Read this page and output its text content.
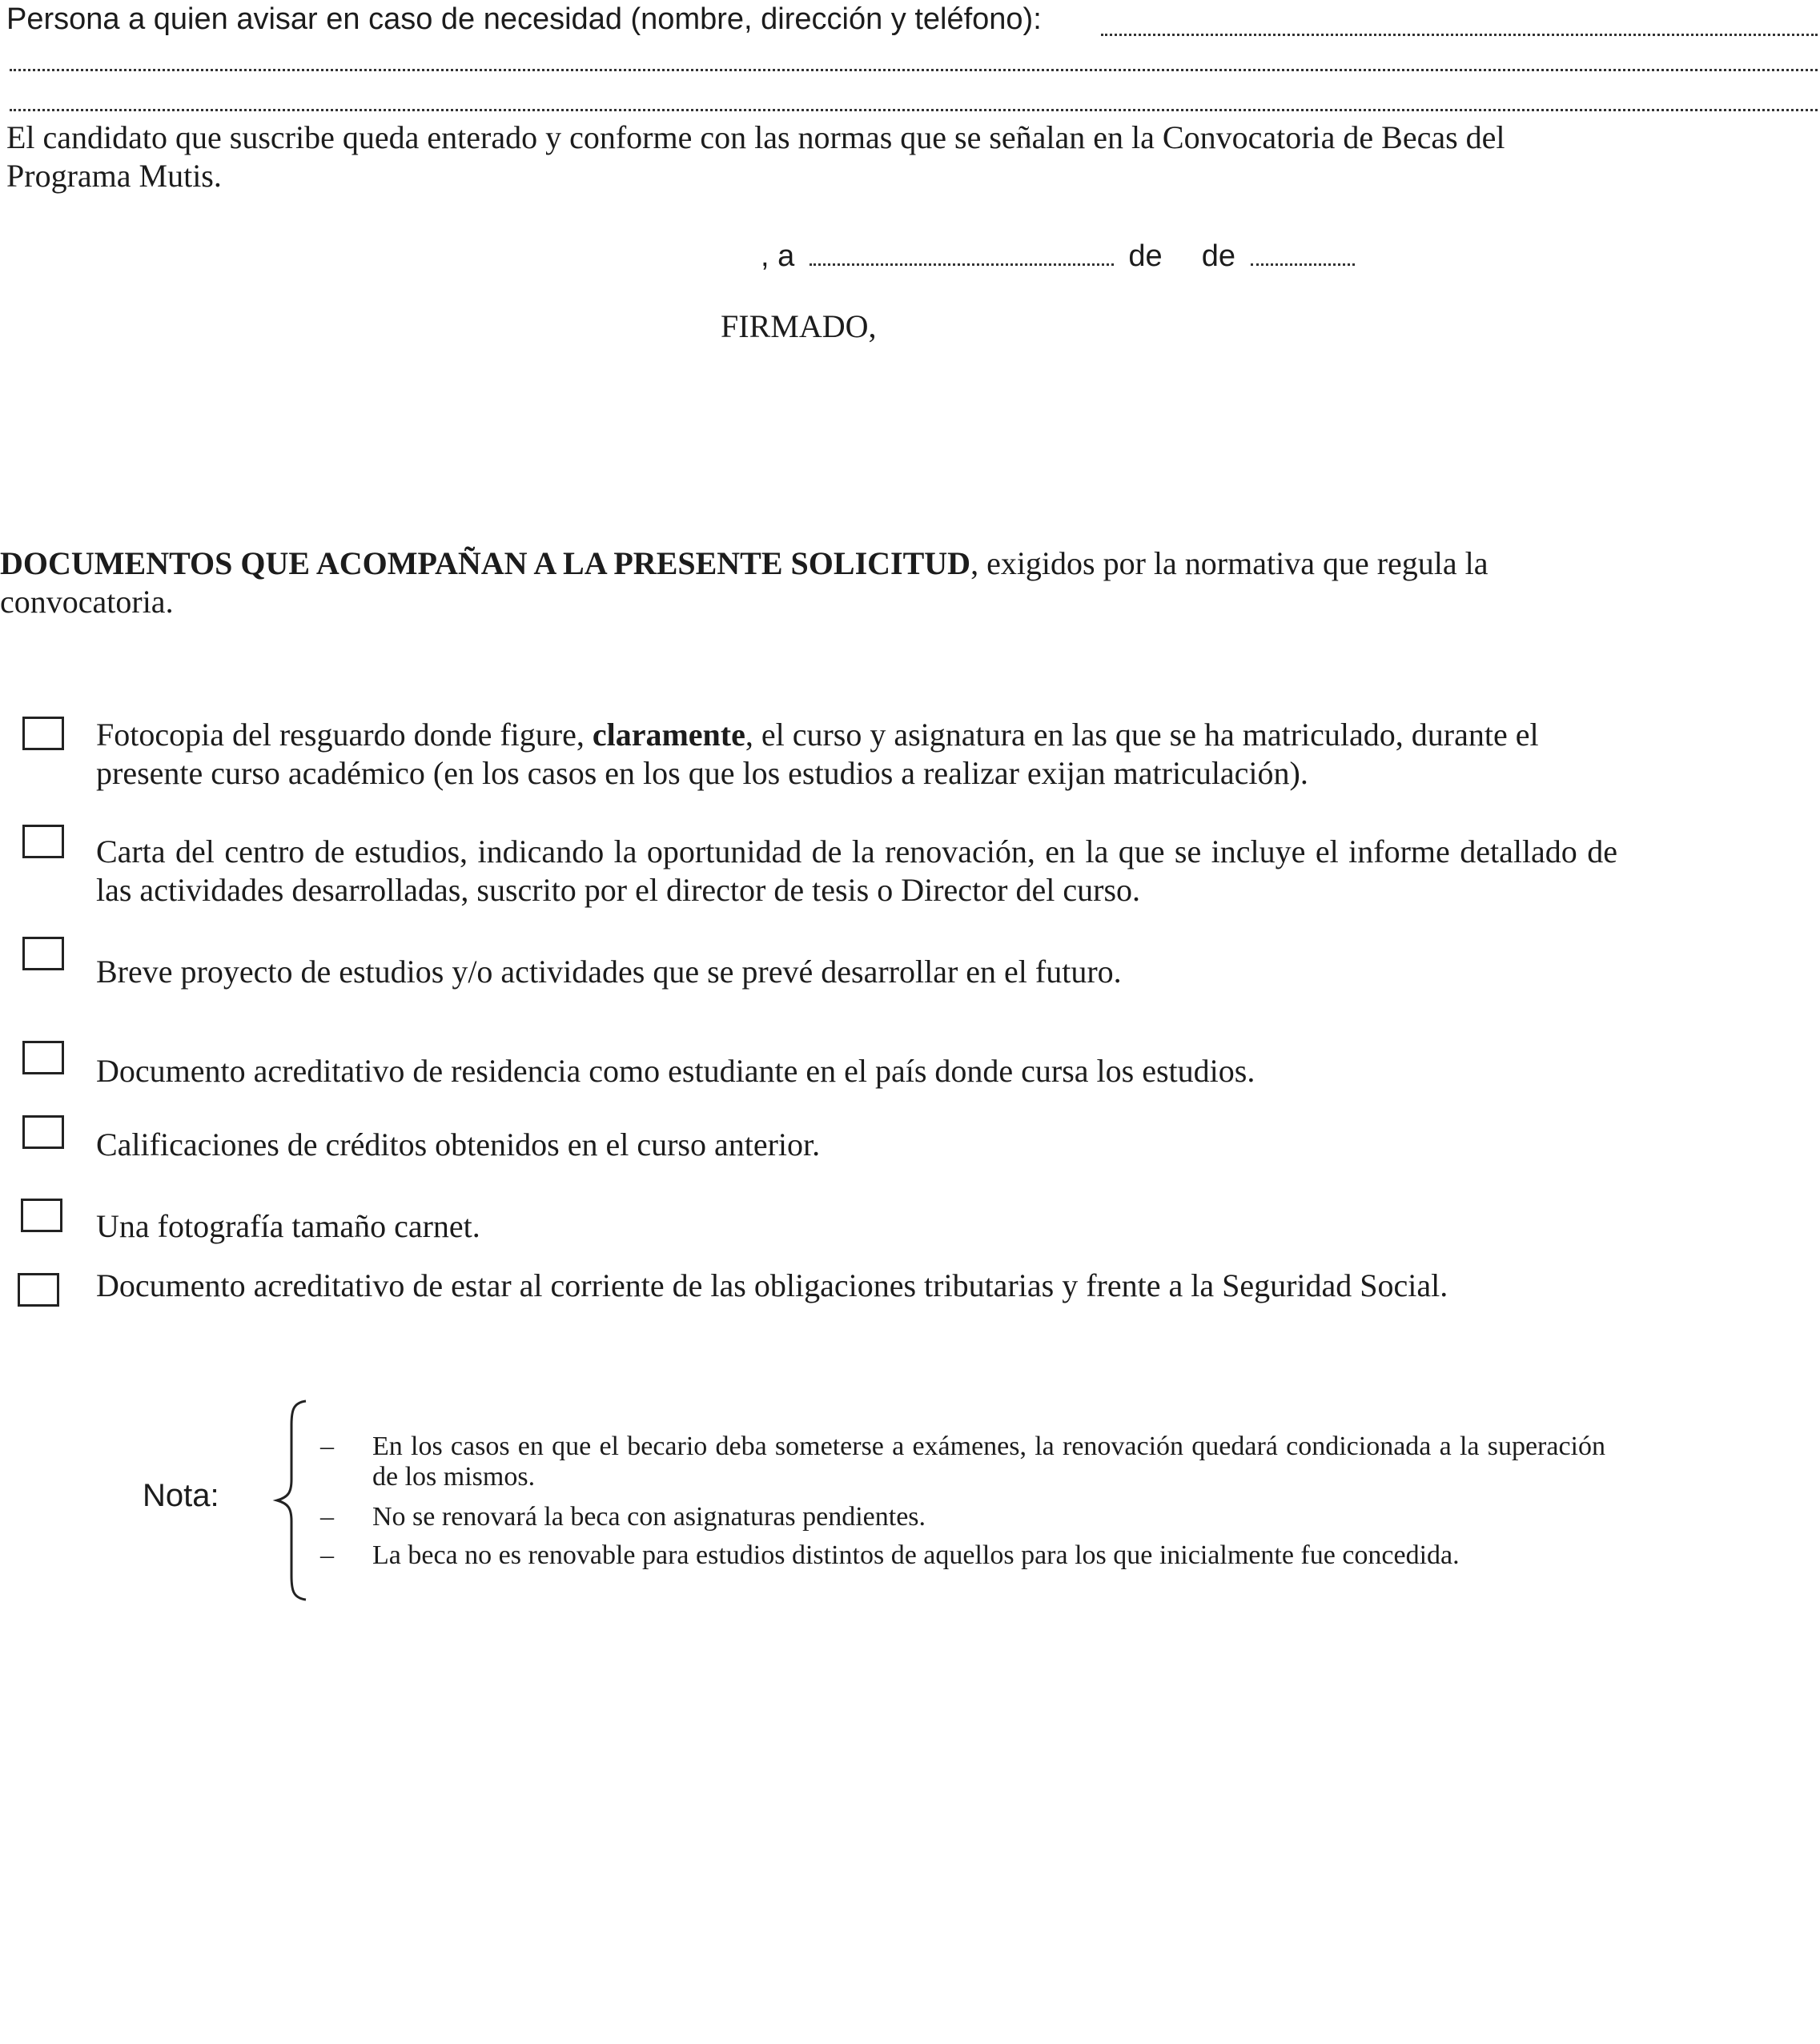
Persona a quien avisar en caso de necesidad (nombre, dirección y teléfono):
El candidato que suscribe queda enterado y conforme con las normas que se señalan en la Convocatoria de Becas del Programa Mutis.
, a	de de
FIRMADO,
DOCUMENTOS QUE ACOMPAÑAN A LA PRESENTE SOLICITUD, exigidos por la normativa que regula la convocatoria.
Fotocopia del resguardo donde figure, claramente, el curso y asignatura en las que se ha matriculado, durante el presente curso académico (en los casos en los que los estudios a realizar exijan matriculación).
Carta del centro de estudios, indicando la oportunidad de la renovación, en la que se incluye el informe detallado de las actividades desarrolladas, suscrito por el director de tesis o Director del curso.
Breve proyecto de estudios y/o actividades que se prevé desarrollar en el futuro.
Documento acreditativo de residencia como estudiante en el país donde cursa los estudios.
Calificaciones de créditos obtenidos en el curso anterior.
Una fotografía tamaño carnet.
Documento acreditativo de estar al corriente de las obligaciones tributarias y frente a la Seguridad Social.
Nota:
– En los casos en que el becario deba someterse a exámenes, la renovación quedará condicionada a la superación de los mismos.
– No se renovará la beca con asignaturas pendientes.
– La beca no es renovable para estudios distintos de aquellos para los que inicialmente fue concedida.
